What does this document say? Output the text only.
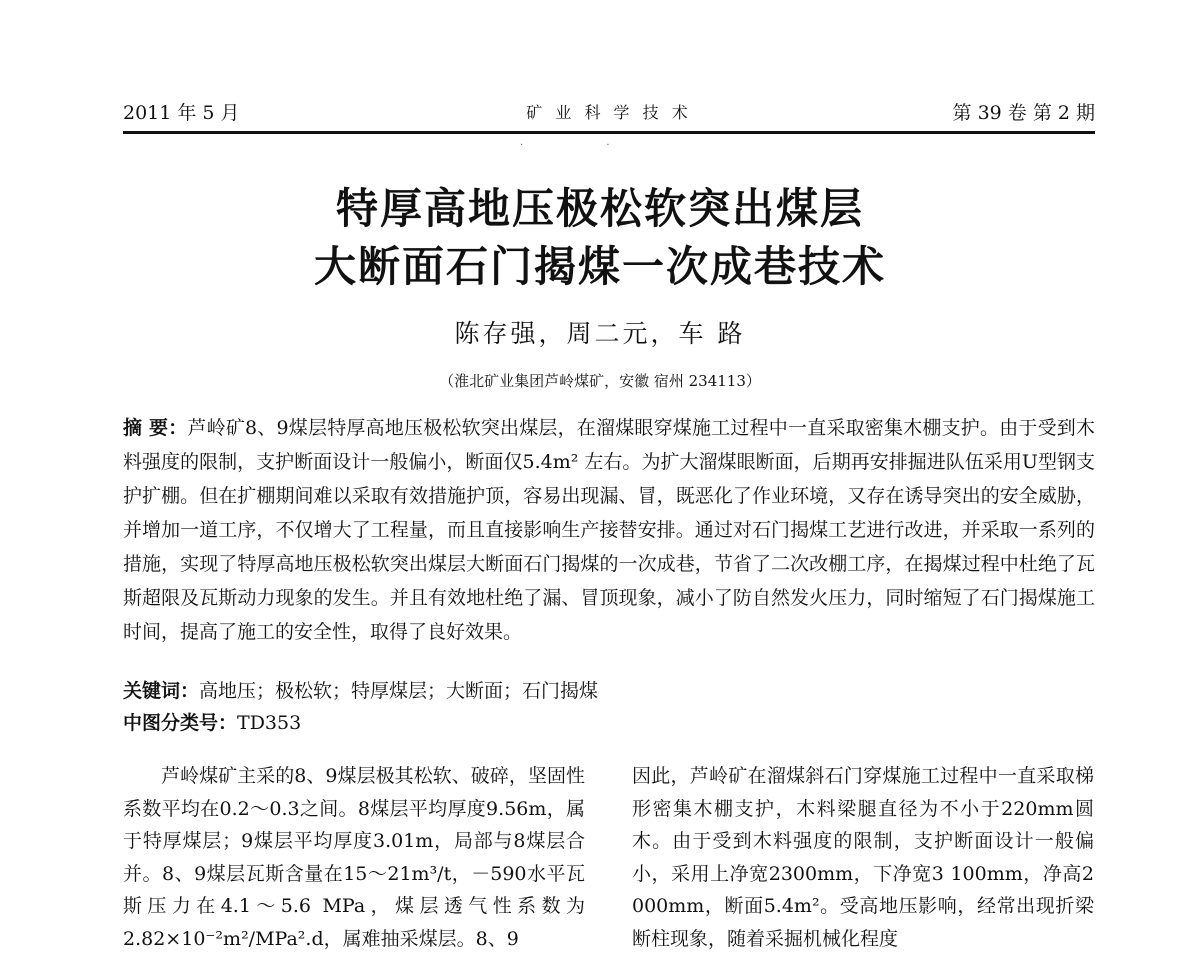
2011 年 5 月	矿 业 科 学 技 术	第 39 卷 第 2 期
· ·
特厚高地压极松软突出煤层
大断面石门揭煤一次成巷技术
陈存强，周二元，车 路
（淮北矿业集团芦岭煤矿，安徽 宿州 234113）
摘 要：芦岭矿8、9煤层特厚高地压极松软突出煤层，在溜煤眼穿煤施工过程中一直采取密集木棚支护。由于受到木料强度的限制，支护断面设计一般偏小，断面仅5.4m² 左右。为扩大溜煤眼断面，后期再安排掘进队伍采用U型钢支护扩棚。但在扩棚期间难以采取有效措施护顶，容易出现漏、冒，既恶化了作业环境，又存在诱导突出的安全威胁，并增加一道工序，不仅增大了工程量，而且直接影响生产接替安排。通过对石门揭煤工艺进行改进，并采取一系列的措施，实现了特厚高地压极松软突出煤层大断面石门揭煤的一次成巷，节省了二次改棚工序，在揭煤过程中杜绝了瓦斯超限及瓦斯动力现象的发生。并且有效地杜绝了漏、冒顶现象，减小了防自然发火压力，同时缩短了石门揭煤施工时间，提高了施工的安全性，取得了良好效果。
关键词：高地压；极松软；特厚煤层；大断面；石门揭煤
中图分类号：TD353

芦岭煤矿主采的8、9煤层极其松软、破碎，坚固性系数平均在0.2～0.3之间。8煤层平均厚度9.56m，属于特厚煤层；9煤层平均厚度3.01m，局部与8煤层合并。8、9煤层瓦斯含量在15～21m³/t，－590水平瓦斯压力在4.1～5.6 MPa，煤层透气性系数为2.82×10⁻²m²/MPa².d，属难抽采煤层。8、9

因此，芦岭矿在溜煤斜石门穿煤施工过程中一直采取梯形密集木棚支护，木料梁腿直径为不小于220mm圆木。由于受到木料强度的限制，支护断面设计一般偏小，采用上净宽2300mm，下净宽3 100mm，净高2 000mm，断面5.4m²。受高地压影响，经常出现折梁断柱现象，随着采掘机械化程度
